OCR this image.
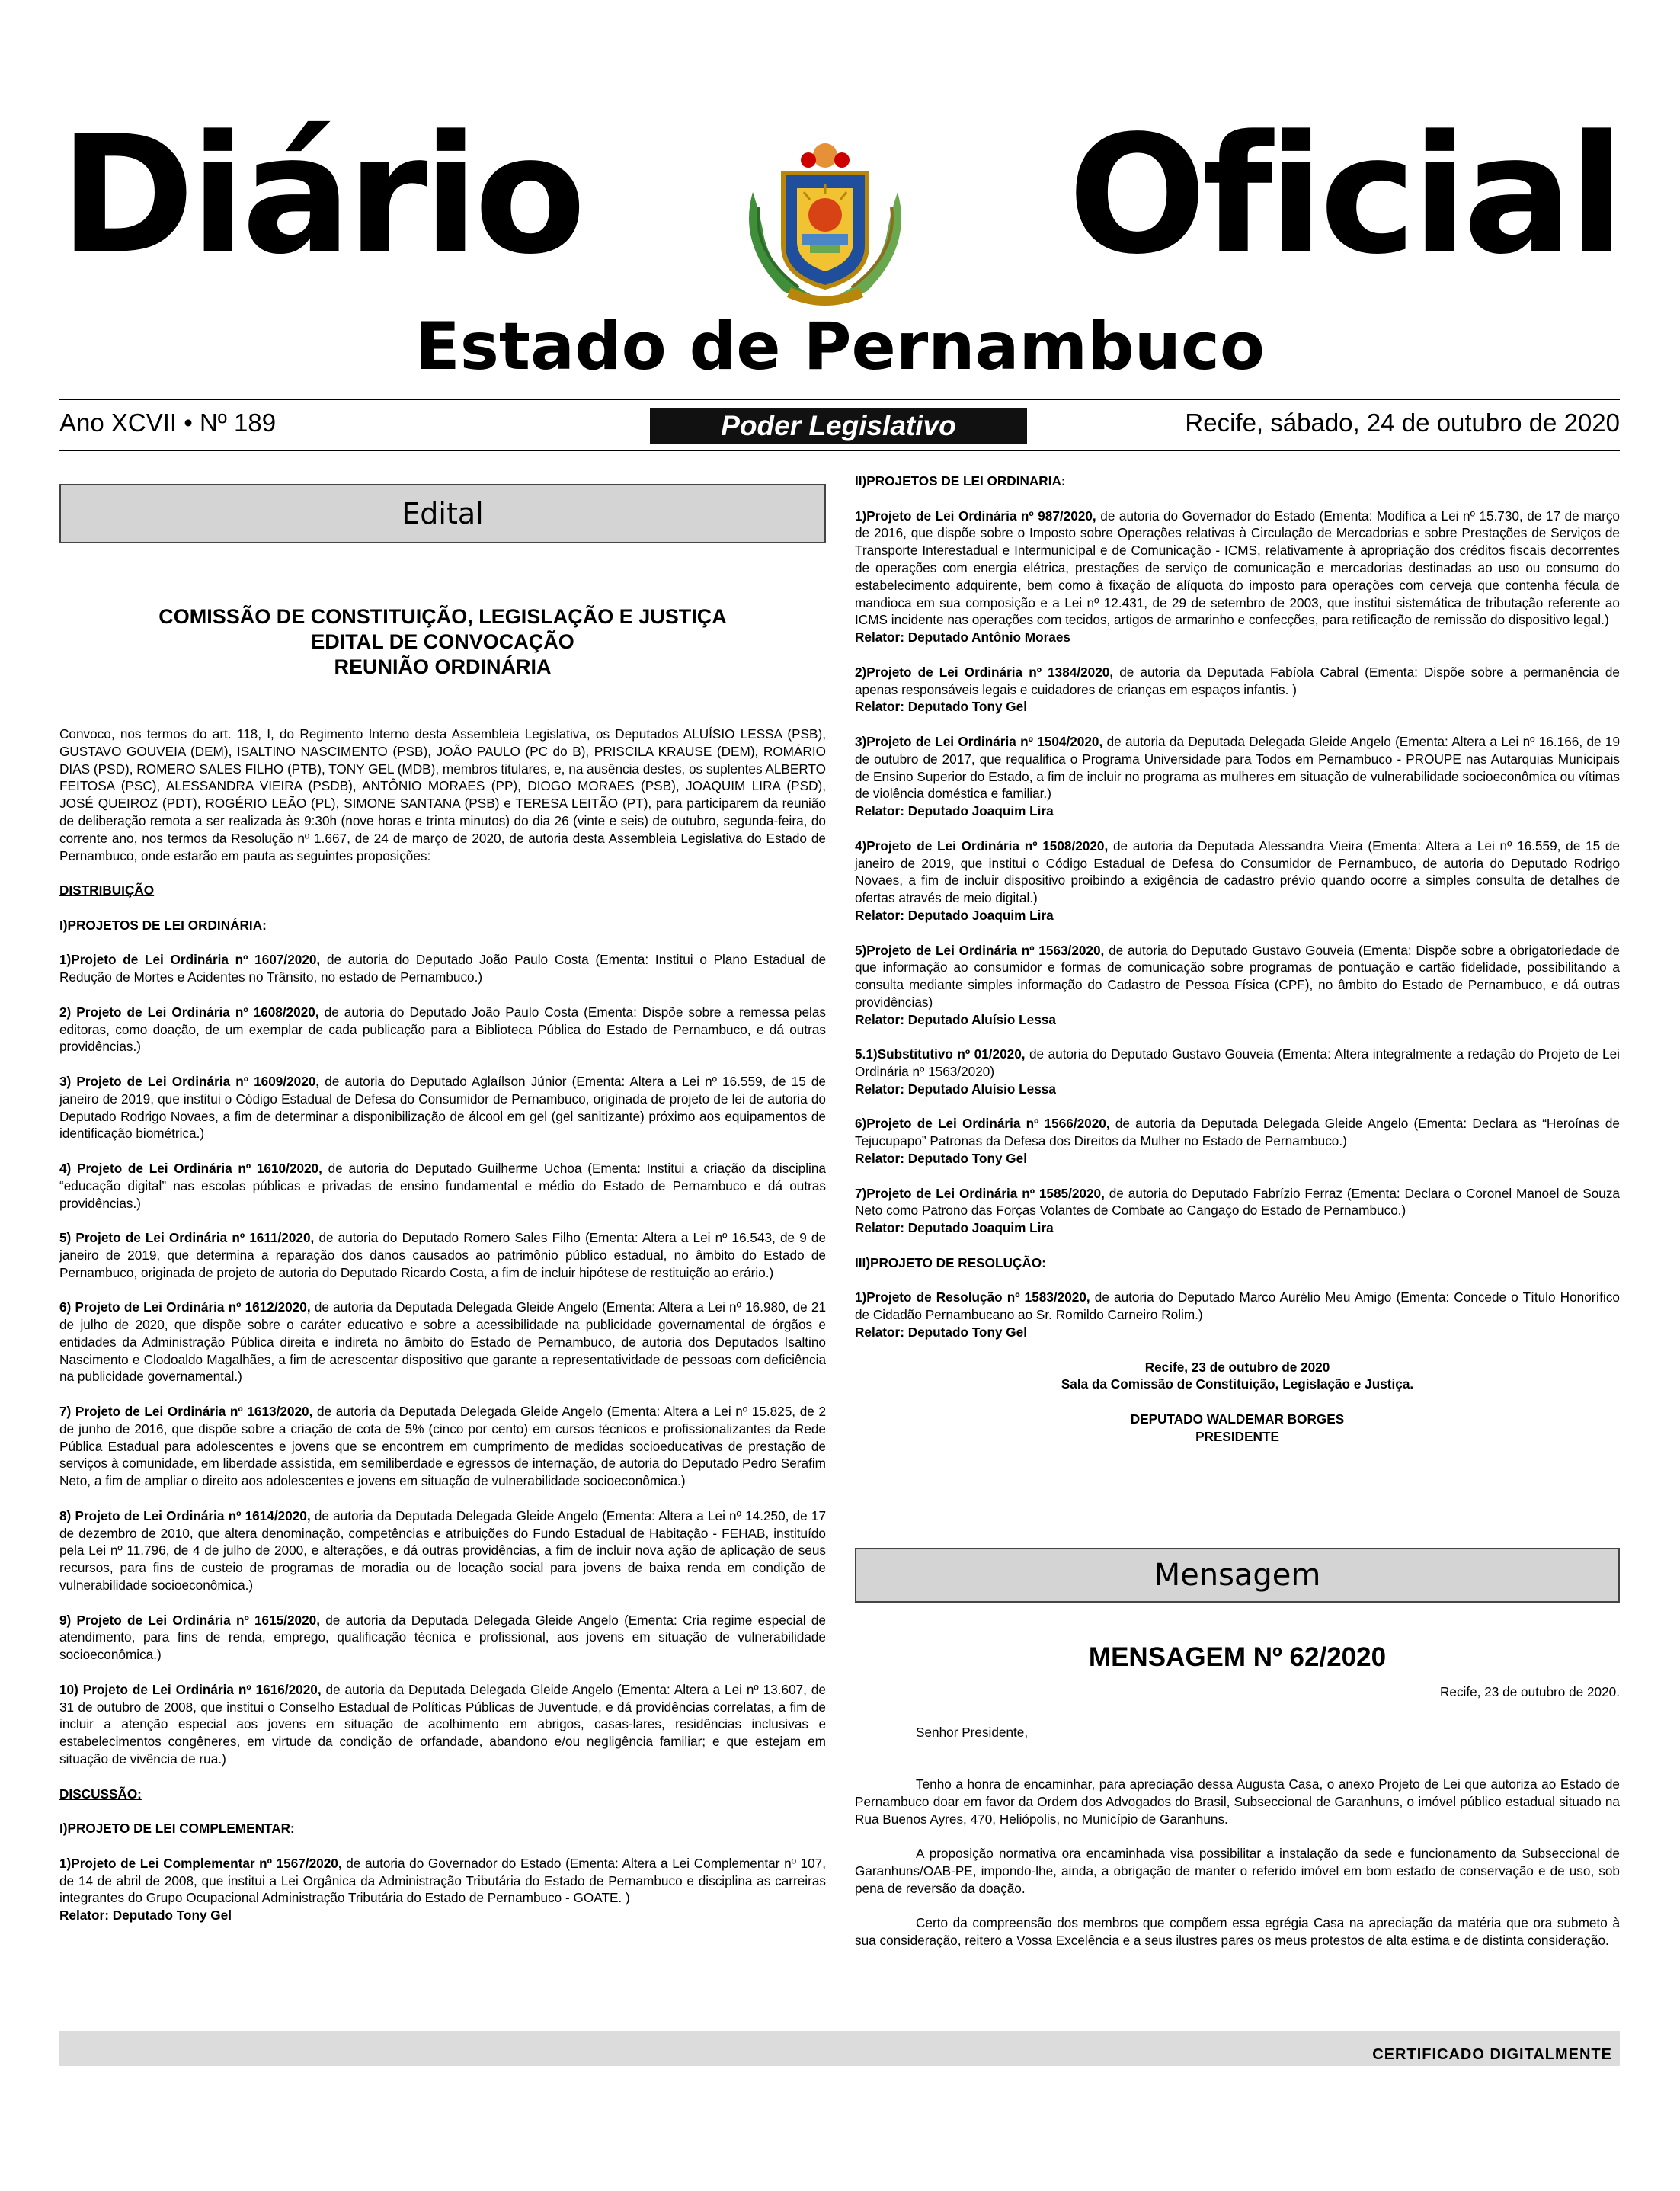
Diário	Oficial
Estado de Pernambuco
Ano XCVII • Nº 189	Poder Legislativo	Recife, sábado, 24 de outubro de 2020
Edital
COMISSÃO DE CONSTITUIÇÃO, LEGISLAÇÃO E JUSTIÇA
EDITAL DE CONVOCAÇÃO
REUNIÃO ORDINÁRIA

Convoco, nos termos do art. 118, I, do Regimento Interno desta Assembleia Legislativa, os Deputados ALUÍSIO LESSA (PSB), GUSTAVO GOUVEIA (DEM), ISALTINO NASCIMENTO (PSB), JOÃO PAULO (PC do B), PRISCILA KRAUSE (DEM), ROMÁRIO DIAS (PSD), ROMERO SALES FILHO (PTB), TONY GEL (MDB), membros titulares, e, na ausência destes, os suplentes ALBERTO FEITOSA (PSC), ALESSANDRA VIEIRA (PSDB), ANTÔNIO MORAES (PP), DIOGO MORAES (PSB), JOAQUIM LIRA (PSD), JOSÉ QUEIROZ (PDT), ROGÉRIO LEÃO (PL), SIMONE SANTANA (PSB) e TERESA LEITÃO (PT), para participarem da reunião de deliberação remota a ser realizada às 9:30h (nove horas e trinta minutos) do dia 26 (vinte e seis) de outubro, segunda-feira, do corrente ano, nos termos da Resolução nº 1.667, de 24 de março de 2020, de autoria desta Assembleia Legislativa do Estado de Pernambuco, onde estarão em pauta as seguintes proposições:

DISTRIBUIÇÃO

I)PROJETOS DE LEI ORDINÁRIA:

1)Projeto de Lei Ordinária nº 1607/2020, de autoria do Deputado João Paulo Costa (Ementa: Institui o Plano Estadual de Redução de Mortes e Acidentes no Trânsito, no estado de Pernambuco.)

2) Projeto de Lei Ordinária nº 1608/2020, de autoria do Deputado João Paulo Costa (Ementa: Dispõe sobre a remessa pelas editoras, como doação, de um exemplar de cada publicação para a Biblioteca Pública do Estado de Pernambuco, e dá outras providências.)

3) Projeto de Lei Ordinária nº 1609/2020, de autoria do Deputado Aglaílson Júnior (Ementa: Altera a Lei nº 16.559, de 15 de janeiro de 2019, que institui o Código Estadual de Defesa do Consumidor de Pernambuco, originada de projeto de lei de autoria do Deputado Rodrigo Novaes, a fim de determinar a disponibilização de álcool em gel (gel sanitizante) próximo aos equipamentos de identificação biométrica.)

4) Projeto de Lei Ordinária nº 1610/2020, de autoria do Deputado Guilherme Uchoa (Ementa: Institui a criação da disciplina “educação digital” nas escolas públicas e privadas de ensino fundamental e médio do Estado de Pernambuco e dá outras providências.)

5) Projeto de Lei Ordinária nº 1611/2020, de autoria do Deputado Romero Sales Filho (Ementa: Altera a Lei nº 16.543, de 9 de janeiro de 2019, que determina a reparação dos danos causados ao patrimônio público estadual, no âmbito do Estado de Pernambuco, originada de projeto de autoria do Deputado Ricardo Costa, a fim de incluir hipótese de restituição ao erário.)

6) Projeto de Lei Ordinária nº 1612/2020, de autoria da Deputada Delegada Gleide Angelo (Ementa: Altera a Lei nº 16.980, de 21 de julho de 2020, que dispõe sobre o caráter educativo e sobre a acessibilidade na publicidade governamental de órgãos e entidades da Administração Pública direita e indireta no âmbito do Estado de Pernambuco, de autoria dos Deputados Isaltino Nascimento e Clodoaldo Magalhães, a fim de acrescentar dispositivo que garante a representatividade de pessoas com deficiência na publicidade governamental.)

7) Projeto de Lei Ordinária nº 1613/2020, de autoria da Deputada Delegada Gleide Angelo (Ementa: Altera a Lei nº 15.825, de 2 de junho de 2016, que dispõe sobre a criação de cota de 5% (cinco por cento) em cursos técnicos e profissionalizantes da Rede Pública Estadual para adolescentes e jovens que se encontrem em cumprimento de medidas socioeducativas de prestação de serviços à comunidade, em liberdade assistida, em semiliberdade e egressos de internação, de autoria do Deputado Pedro Serafim Neto, a fim de ampliar o direito aos adolescentes e jovens em situação de vulnerabilidade socioeconômica.)

8) Projeto de Lei Ordinária nº 1614/2020, de autoria da Deputada Delegada Gleide Angelo (Ementa: Altera a Lei nº 14.250, de 17 de dezembro de 2010, que altera denominação, competências e atribuições do Fundo Estadual de Habitação - FEHAB, instituído pela Lei nº 11.796, de 4 de julho de 2000, e alterações, e dá outras providências, a fim de incluir nova ação de aplicação de seus recursos, para fins de custeio de programas de moradia ou de locação social para jovens de baixa renda em condição de vulnerabilidade socioeconômica.)

9) Projeto de Lei Ordinária nº 1615/2020, de autoria da Deputada Delegada Gleide Angelo (Ementa: Cria regime especial de atendimento, para fins de renda, emprego, qualificação técnica e profissional, aos jovens em situação de vulnerabilidade socioeconômica.)

10) Projeto de Lei Ordinária nº 1616/2020, de autoria da Deputada Delegada Gleide Angelo (Ementa: Altera a Lei nº 13.607, de 31 de outubro de 2008, que institui o Conselho Estadual de Políticas Públicas de Juventude, e dá providências correlatas, a fim de incluir a atenção especial aos jovens em situação de acolhimento em abrigos, casas-lares, residências inclusivas e estabelecimentos congêneres, em virtude da condição de orfandade, abandono e/ou negligência familiar; e que estejam em situação de vivência de rua.)

DISCUSSÃO:

I)PROJETO DE LEI COMPLEMENTAR:

1)Projeto de Lei Complementar nº 1567/2020, de autoria do Governador do Estado (Ementa: Altera a Lei Complementar nº 107, de 14 de abril de 2008, que institui a Lei Orgânica da Administração Tributária do Estado de Pernambuco e disciplina as carreiras integrantes do Grupo Ocupacional Administração Tributária do Estado de Pernambuco - GOATE. )

Relator: Deputado Tony Gel

II)PROJETOS DE LEI ORDINARIA:

1)Projeto de Lei Ordinária nº 987/2020, de autoria do Governador do Estado (Ementa: Modifica a Lei nº 15.730, de 17 de março de 2016, que dispõe sobre o Imposto sobre Operações relativas à Circulação de Mercadorias e sobre Prestações de Serviços de Transporte Interestadual e Intermunicipal e de Comunicação - ICMS, relativamente à apropriação dos créditos fiscais decorrentes de operações com energia elétrica, prestações de serviço de comunicação e mercadorias destinadas ao uso ou consumo do estabelecimento adquirente, bem como à fixação de alíquota do imposto para operações com cerveja que contenha fécula de mandioca em sua composição e a Lei nº 12.431, de 29 de setembro de 2003, que institui sistemática de tributação referente ao ICMS incidente nas operações com tecidos, artigos de armarinho e confecções, para retificação de remissão do dispositivo legal.)

Relator: Deputado Antônio Moraes

2)Projeto de Lei Ordinária nº 1384/2020, de autoria da Deputada Fabíola Cabral (Ementa: Dispõe sobre a permanência de apenas responsáveis legais e cuidadores de crianças em espaços infantis. )

Relator: Deputado Tony Gel

3)Projeto de Lei Ordinária nº 1504/2020, de autoria da Deputada Delegada Gleide Angelo (Ementa: Altera a Lei nº 16.166, de 19 de outubro de 2017, que requalifica o Programa Universidade para Todos em Pernambuco - PROUPE nas Autarquias Municipais de Ensino Superior do Estado, a fim de incluir no programa as mulheres em situação de vulnerabilidade socioeconômica ou vítimas de violência doméstica e familiar.)

Relator: Deputado Joaquim Lira

4)Projeto de Lei Ordinária nº 1508/2020, de autoria da Deputada Alessandra Vieira (Ementa: Altera a Lei nº 16.559, de 15 de janeiro de 2019, que institui o Código Estadual de Defesa do Consumidor de Pernambuco, de autoria do Deputado Rodrigo Novaes, a fim de incluir dispositivo proibindo a exigência de cadastro prévio quando ocorre a simples consulta de detalhes de ofertas através de meio digital.)

Relator: Deputado Joaquim Lira

5)Projeto de Lei Ordinária nº 1563/2020, de autoria do Deputado Gustavo Gouveia (Ementa: Dispõe sobre a obrigatoriedade de que informação ao consumidor e formas de comunicação sobre programas de pontuação e cartão fidelidade, possibilitando a consulta mediante simples informação do Cadastro de Pessoa Física (CPF), no âmbito do Estado de Pernambuco, e dá outras providências)

Relator: Deputado Aluísio Lessa

5.1)Substitutivo nº 01/2020, de autoria do Deputado Gustavo Gouveia (Ementa: Altera integralmente a redação do Projeto de Lei Ordinária nº 1563/2020)

Relator: Deputado Aluísio Lessa

6)Projeto de Lei Ordinária nº 1566/2020, de autoria da Deputada Delegada Gleide Angelo (Ementa: Declara as “Heroínas de Tejucupapo” Patronas da Defesa dos Direitos da Mulher no Estado de Pernambuco.)

Relator: Deputado Tony Gel

7)Projeto de Lei Ordinária nº 1585/2020, de autoria do Deputado Fabrízio Ferraz (Ementa: Declara o Coronel Manoel de Souza Neto como Patrono das Forças Volantes de Combate ao Cangaço do Estado de Pernambuco.)

Relator: Deputado Joaquim Lira

III)PROJETO DE RESOLUÇÃO:

1)Projeto de Resolução nº 1583/2020, de autoria do Deputado Marco Aurélio Meu Amigo (Ementa: Concede o Título Honorífico de Cidadão Pernambucano ao Sr. Romildo Carneiro Rolim.)

Relator: Deputado Tony Gel

Recife, 23 de outubro de 2020

Sala da Comissão de Constituição, Legislação e Justiça.

DEPUTADO WALDEMAR BORGES

PRESIDENTE

Mensagem
MENSAGEM Nº 62/2020

Recife, 23 de outubro de 2020.

Senhor Presidente,

Tenho a honra de encaminhar, para apreciação dessa Augusta Casa, o anexo Projeto de Lei que autoriza ao Estado de Pernambuco doar em favor da Ordem dos Advogados do Brasil, Subseccional de Garanhuns, o imóvel público estadual situado na Rua Buenos Ayres, 470, Heliópolis, no Município de Garanhuns.

A proposição normativa ora encaminhada visa possibilitar a instalação da sede e funcionamento da Subseccional de Garanhuns/OAB-PE, impondo-lhe, ainda, a obrigação de manter o referido imóvel em bom estado de conservação e de uso, sob pena de reversão da doação.

Certo da compreensão dos membros que compõem essa egrégia Casa na apreciação da matéria que ora submeto à sua consideração, reitero a Vossa Excelência e a seus ilustres pares os meus protestos de alta estima e de distinta consideração.

CERTIFICADO DIGITALMENTE
